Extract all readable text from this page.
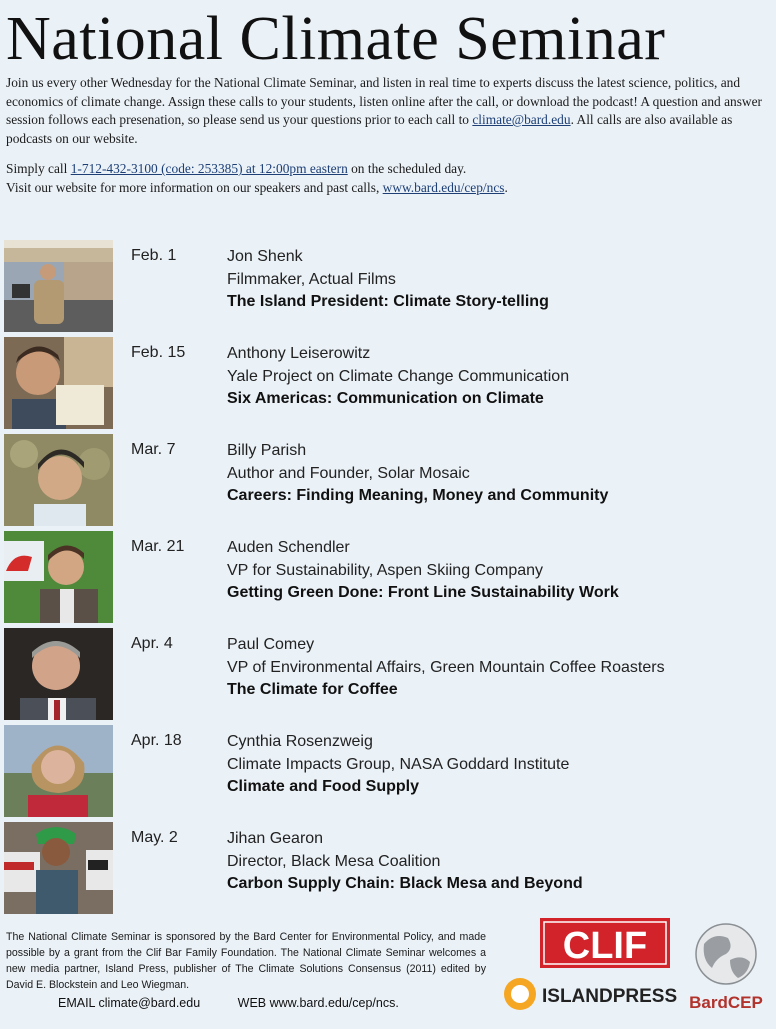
National Climate Seminar

Join us every other Wednesday for the National Climate Seminar, and listen in real time to experts discuss the latest science, politics, and economics of climate change. Assign these calls to your students, listen online after the call, or download the podcast! A question and answer session follows each presenation, so please send us your questions prior to each call to climate@bard.edu. All calls are also available as podcasts on our website.

Simply call 1-712-432-3100 (code: 253385) at 12:00pm eastern on the scheduled day.
Visit our website for more information on our speakers and past calls, www.bard.edu/cep/ncs.

Feb. 1	Jon Shenk
Filmmaker, Actual Films
The Island President: Climate Story-telling
Feb. 15	Anthony Leiserowitz
Yale Project on Climate Change Communication
Six Americas: Communication on Climate
Mar. 7	Billy Parish
Author and Founder, Solar Mosaic
Careers: Finding Meaning, Money and Community
Mar. 21	Auden Schendler
VP for Sustainability, Aspen Skiing Company
Getting Green Done: Front Line Sustainability Work
Apr. 4	Paul Comey
VP of Environmental Affairs, Green Mountain Coffee Roasters
The Climate for Coffee
Apr. 18	Cynthia Rosenzweig
Climate Impacts Group, NASA Goddard Institute
Climate and Food Supply
May. 2	Jihan Gearon
Director, Black Mesa Coalition
Carbon Supply Chain: Black Mesa and Beyond
The National Climate Seminar is sponsored by the Bard Center for Environmental Policy, and made possible by a grant from the Clif Bar Family Foundation. The National Climate Seminar welcomes a new media partner, Island Press, publisher of The Climate Solutions Consensus (2011) edited by David E. Blockstein and Leo Wiegman.
EMAIL climate@bard.edu	WEB www.bard.edu/cep/ncs.
CLIF
ISLANDPRESS BardCEP
